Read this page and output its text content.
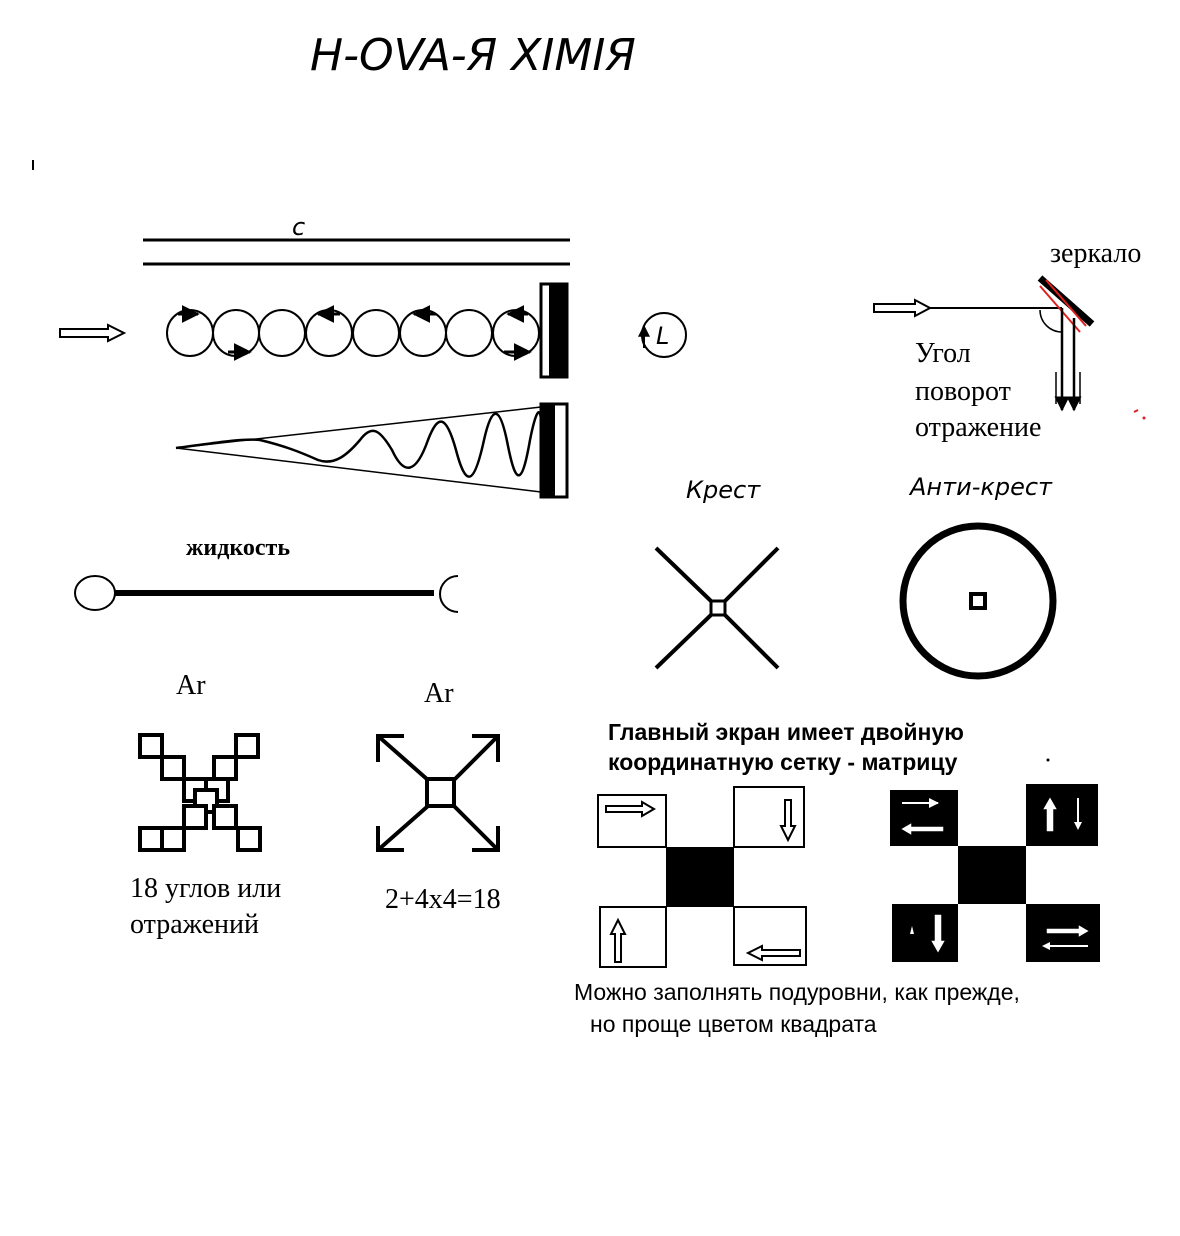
H-OVA-Я XIMIЯ
c
L
зеркало
Угол
поворот
отражение
Крест	Анти-крест
жидкость
Ar
18 углов или
отражений
Ar
2+4x4=18
Главный экран имеет двойную
координатную сетку - матрицу
Можно заполнять подуровни, как прежде,
но проще цветом квадрата
